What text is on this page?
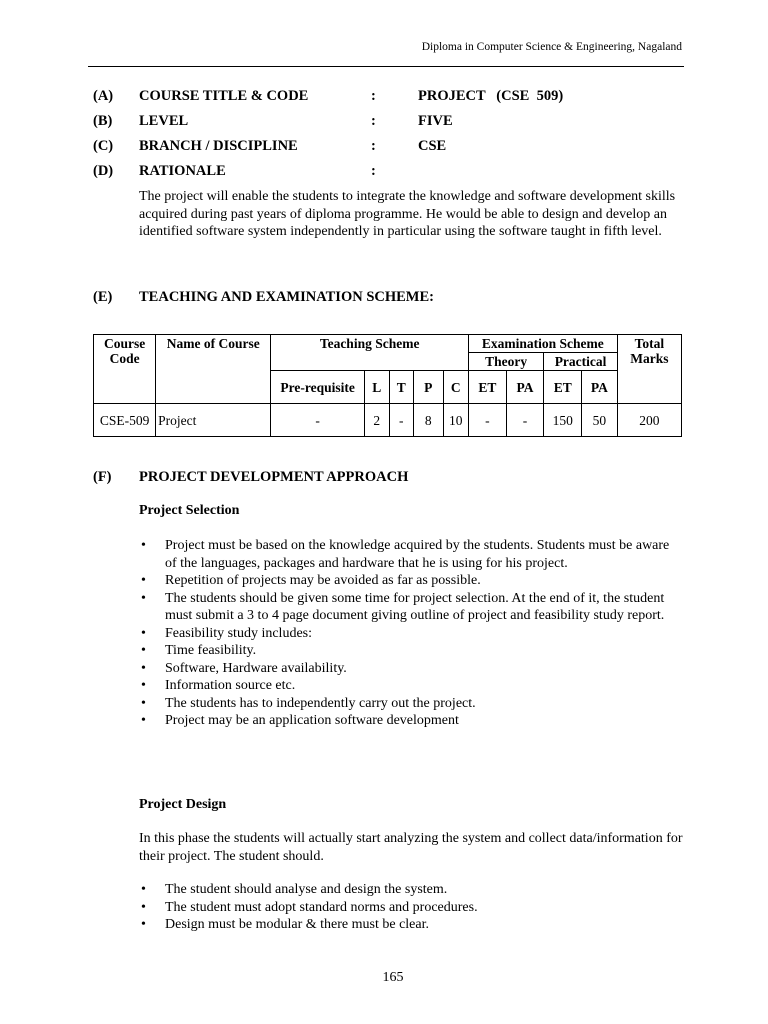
Diploma in Computer Science & Engineering, Nagaland
(A) COURSE TITLE & CODE	:	PROJECT   (CSE  509)
(B) LEVEL	:	FIVE
(C) BRANCH / DISCIPLINE	:	CSE
(D) RATIONALE	:
The project will enable the students to integrate the knowledge and software development skills acquired during past years of diploma programme. He would be able to design and develop an identified software system independently in particular using the software taught in fifth level.
(E) TEACHING AND EXAMINATION SCHEME:
Course Code	Name of Course	Teaching Scheme					Examination Scheme				Total Marks
							Theory		Practical		
		Pre-requisite	L	T	P	C	ET	PA	ET	PA	
CSE-509	Project	-	2	-	8	10	-	-	150	50	200
(F) PROJECT DEVELOPMENT APPROACH
Project Selection
• Project must be based on the knowledge acquired by the students. Students must be aware of the languages, packages and hardware that he is using for his project.
• Repetition of projects may be avoided as far as possible.
• The students should be given some time for project selection. At the end of it, the student must submit a 3 to 4 page document giving outline of project and feasibility study report.
• Feasibility study includes:
• Time feasibility.
• Software, Hardware availability.
• Information source etc.
• The students has to independently carry out the project.
• Project may be an application software development
Project Design
In this phase the students will actually start analyzing the system and collect data/information for their project. The student should.
• The student should analyse and design the system.
• The student must adopt standard norms and procedures.
• Design must be modular & there must be clear.
165
